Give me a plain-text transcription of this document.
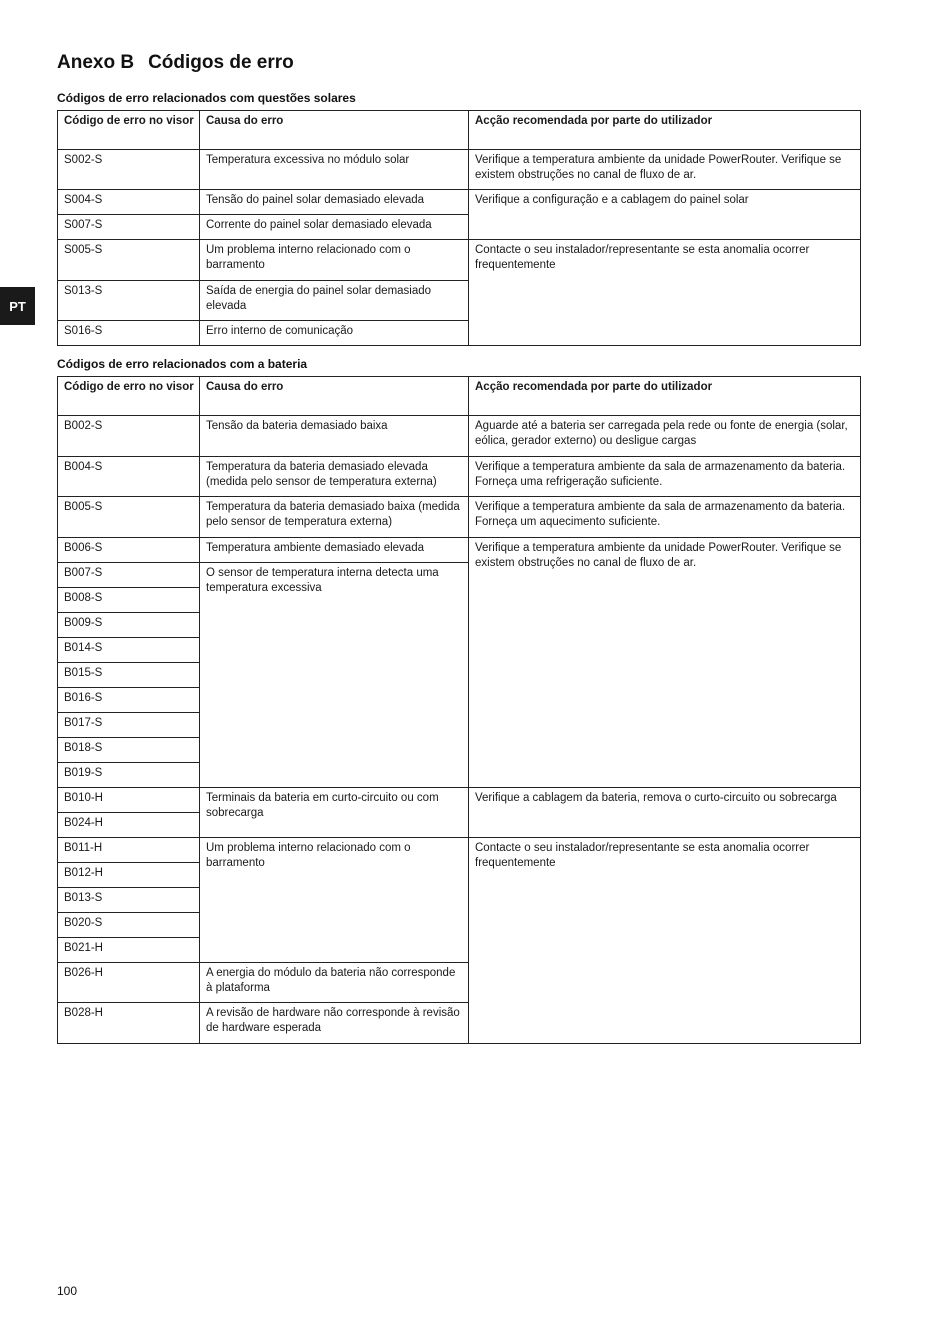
Anexo B Códigos de erro
PT
Códigos de erro relacionados com questões solares
Código de erro no visor	Causa do erro	Acção recomendada por parte do utilizador
S002-S	Temperatura excessiva no módulo solar	Verifique a temperatura ambiente da unidade PowerRouter. Verifique se existem obstruções no canal de fluxo de ar.
S004-S	Tensão do painel solar demasiado elevada	Verifique a configuração e a cablagem do painel solar
S007-S	Corrente do painel solar demasiado elevada	
S005-S	Um problema interno relacionado com o barramento	Contacte o seu instalador/representante se esta anomalia ocorrer frequentemente
S013-S	Saída de energia do painel solar demasiado elevada	
S016-S	Erro interno de comunicação	
Códigos de erro relacionados com a bateria
Código de erro no visor	Causa do erro	Acção recomendada por parte do utilizador
B002-S	Tensão da bateria demasiado baixa	Aguarde até a bateria ser carregada pela rede ou fonte de energia (solar, eólica, gerador externo) ou desligue cargas
B004-S	Temperatura da bateria demasiado elevada (medida pelo sensor de temperatura externa)	Verifique a temperatura ambiente da sala de armazenamento da bateria. Forneça uma refrigeração suficiente.
B005-S	Temperatura da bateria demasiado baixa (medida pelo sensor de temperatura externa)	Verifique a temperatura ambiente da sala de armazenamento da bateria. Forneça um aquecimento suficiente.
B006-S	Temperatura ambiente demasiado elevada	Verifique a temperatura ambiente da unidade PowerRouter. Verifique se existem obstruções no canal de fluxo de ar.
B007-S	O sensor de temperatura interna detecta uma temperatura excessiva	
B008-S		
B009-S		
B014-S		
B015-S		
B016-S		
B017-S		
B018-S		
B019-S		
B010-H	Terminais da bateria em curto-circuito ou com sobrecarga	Verifique a cablagem da bateria, remova o curto-circuito ou sobrecarga
B024-H		
B011-H	Um problema interno relacionado com o barramento	Contacte o seu instalador/representante se esta anomalia ocorrer frequentemente
B012-H		
B013-S		
B020-S		
B021-H		
B026-H	A energia do módulo da bateria não corresponde à plataforma	
B028-H	A revisão de hardware não corresponde à revisão de hardware esperada	

100
